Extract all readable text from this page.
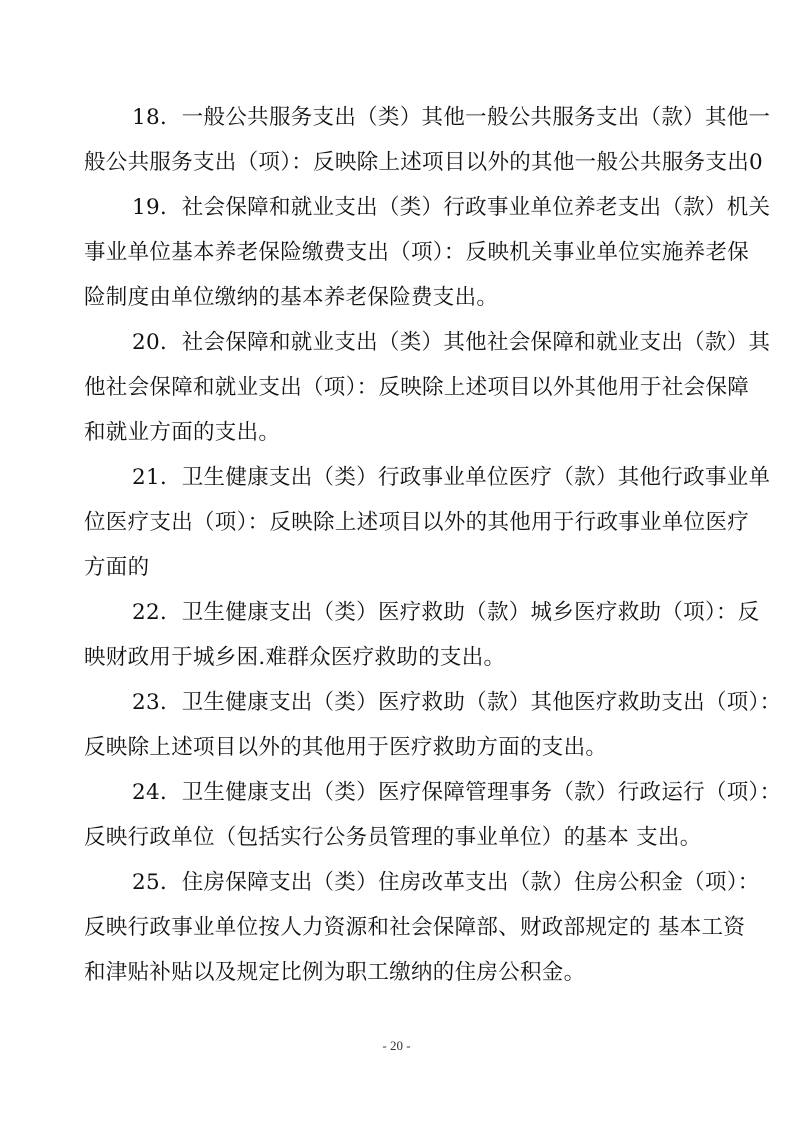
18．一般公共服务支出（类）其他一般公共服务支出（款）其他一
般公共服务支出（项）：反映除上述项目以外的其他一般公共服务支出0
19．社会保障和就业支出（类）行政事业单位养老支出（款）机关
事业单位基本养老保险缴费支出（项）：反映机关事业单位实施养老保
险制度由单位缴纳的基本养老保险费支出。
20．社会保障和就业支出（类）其他社会保障和就业支出（款）其
他社会保障和就业支出（项）：反映除上述项目以外其他用于社会保障
和就业方面的支出。
21．卫生健康支出（类）行政事业单位医疗（款）其他行政事业单
位医疗支出（项）：反映除上述项目以外的其他用于行政事业单位医疗
方面的
22．卫生健康支出（类）医疗救助（款）城乡医疗救助（项）：反
映财政用于城乡困.难群众医疗救助的支出。
23．卫生健康支出（类）医疗救助（款）其他医疗救助支出（项）：
反映除上述项目以外的其他用于医疗救助方面的支出。
24．卫生健康支出（类）医疗保障管理事务（款）行政运行（项）：
反映行政单位（包括实行公务员管理的事业单位）的基本 支出。
25．住房保障支出（类）住房改革支出（款）住房公积金（项）：
反映行政事业单位按人力资源和社会保障部、财政部规定的 基本工资
和津贴补贴以及规定比例为职工缴纳的住房公积金。
- 20 -
